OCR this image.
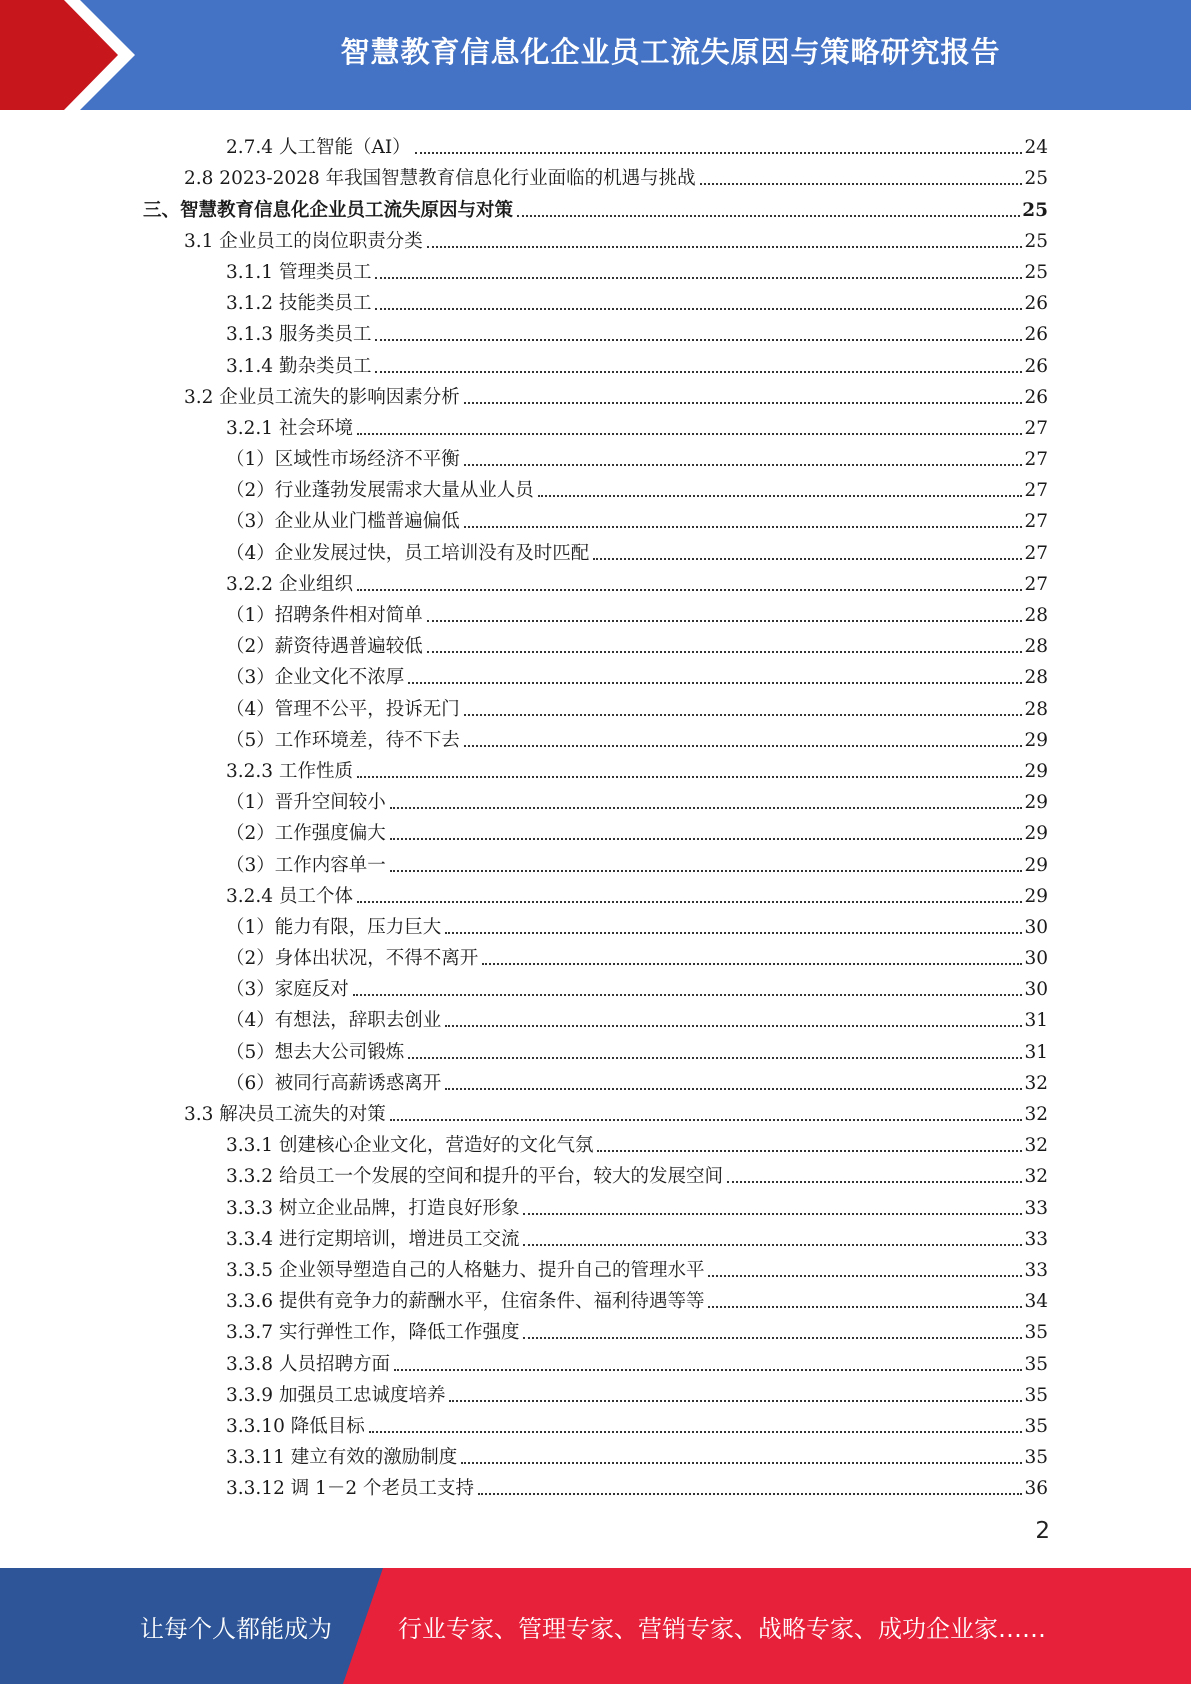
智慧教育信息化企业员工流失原因与策略研究报告
2.7.4 人工智能（AI）	24
2.8 2023-2028 年我国智慧教育信息化行业面临的机遇与挑战	25
三、智慧教育信息化企业员工流失原因与对策	25
3.1 企业员工的岗位职责分类	25
3.1.1 管理类员工	25
3.1.2 技能类员工	26
3.1.3 服务类员工	26
3.1.4 勤杂类员工	26
3.2 企业员工流失的影响因素分析	26
3.2.1 社会环境	27
（1）区域性市场经济不平衡	27
（2）行业蓬勃发展需求大量从业人员	27
（3）企业从业门槛普遍偏低	27
（4）企业发展过快，员工培训没有及时匹配	27
3.2.2 企业组织	27
（1）招聘条件相对简单	28
（2）薪资待遇普遍较低	28
（3）企业文化不浓厚	28
（4）管理不公平，投诉无门	28
（5）工作环境差，待不下去	29
3.2.3 工作性质	29
（1）晋升空间较小	29
（2）工作强度偏大	29
（3）工作内容单一	29
3.2.4 员工个体	29
（1）能力有限，压力巨大	30
（2）身体出状况，不得不离开	30
（3）家庭反对	30
（4）有想法，辞职去创业	31
（5）想去大公司锻炼	31
（6）被同行高薪诱惑离开	32
3.3 解决员工流失的对策	32
3.3.1 创建核心企业文化，营造好的文化气氛	32
3.3.2 给员工一个发展的空间和提升的平台，较大的发展空间	32
3.3.3 树立企业品牌，打造良好形象	33
3.3.4 进行定期培训，增进员工交流	33
3.3.5 企业领导塑造自己的人格魅力、提升自己的管理水平	33
3.3.6 提供有竞争力的薪酬水平，住宿条件、福利待遇等等	34
3.3.7 实行弹性工作，降低工作强度	35
3.3.8 人员招聘方面	35
3.3.9 加强员工忠诚度培养	35
3.3.10 降低目标	35
3.3.11 建立有效的激励制度	35
3.3.12 调 1－2 个老员工支持	36
2
让每个人都能成为	行业专家、管理专家、营销专家、战略专家、成功企业家……
